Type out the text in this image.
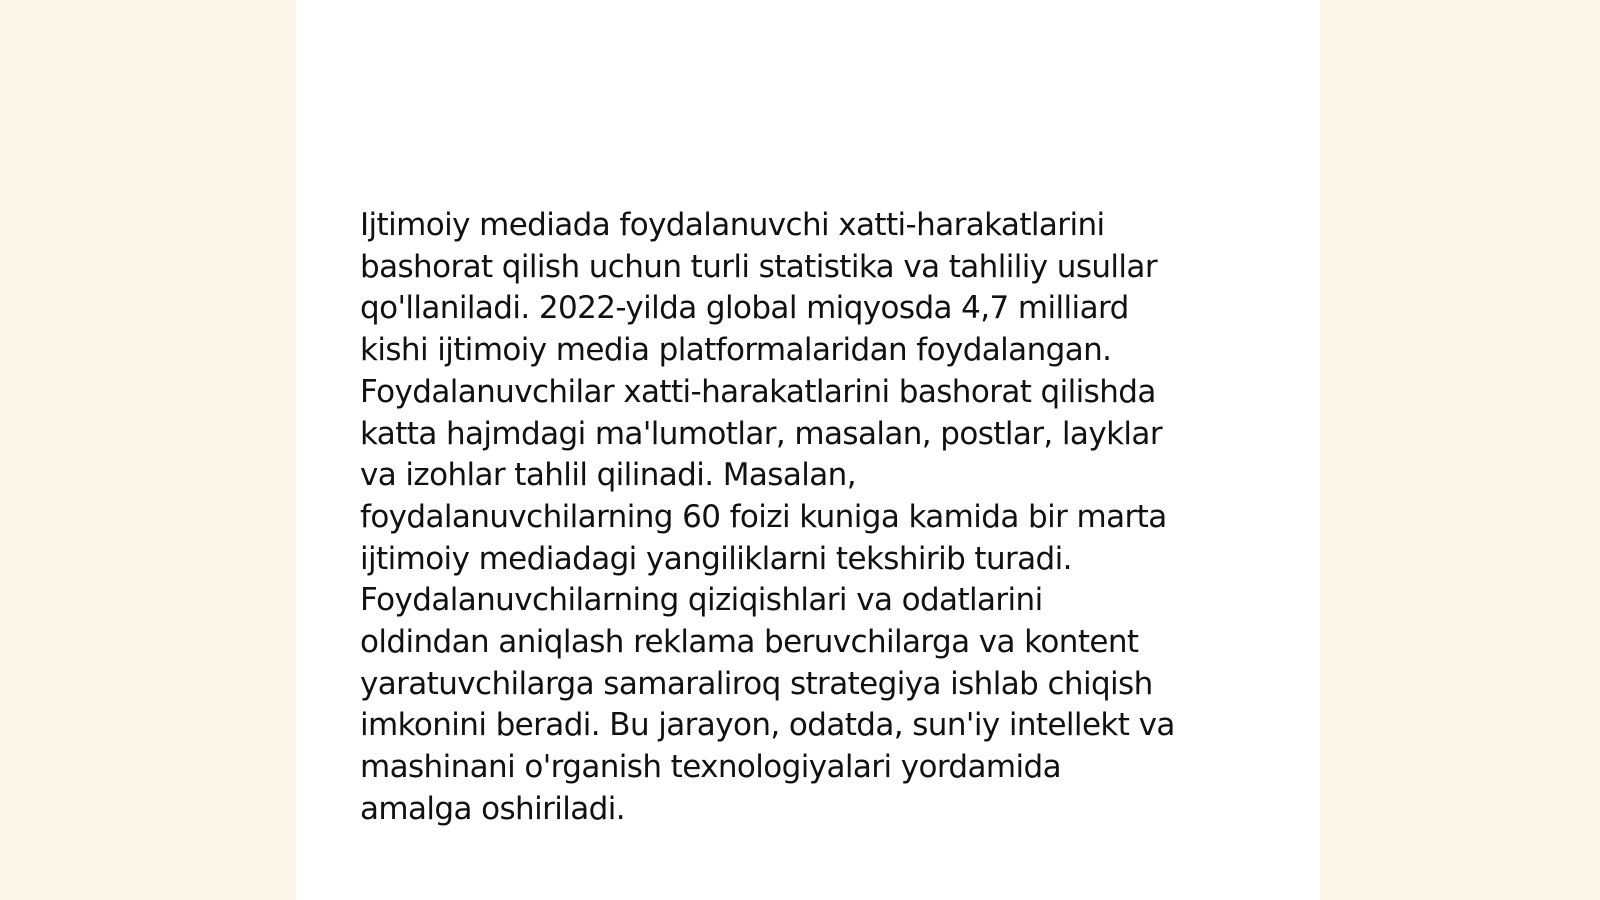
Ijtimoiy mediada foydalanuvchi xatti-harakatlarini
bashorat qilish uchun turli statistika va tahliliy usullar
qo'llaniladi. 2022-yilda global miqyosda 4,7 milliard
kishi ijtimoiy media platformalaridan foydalangan.
Foydalanuvchilar xatti-harakatlarini bashorat qilishda
katta hajmdagi ma'lumotlar, masalan, postlar, layklar
va izohlar tahlil qilinadi. Masalan,
foydalanuvchilarning 60 foizi kuniga kamida bir marta
ijtimoiy mediadagi yangiliklarni tekshirib turadi.
Foydalanuvchilarning qiziqishlari va odatlarini
oldindan aniqlash reklama beruvchilarga va kontent
yaratuvchilarga samaraliroq strategiya ishlab chiqish
imkonini beradi. Bu jarayon, odatda, sun'iy intellekt va
mashinani o'rganish texnologiyalari yordamida
amalga oshiriladi.
